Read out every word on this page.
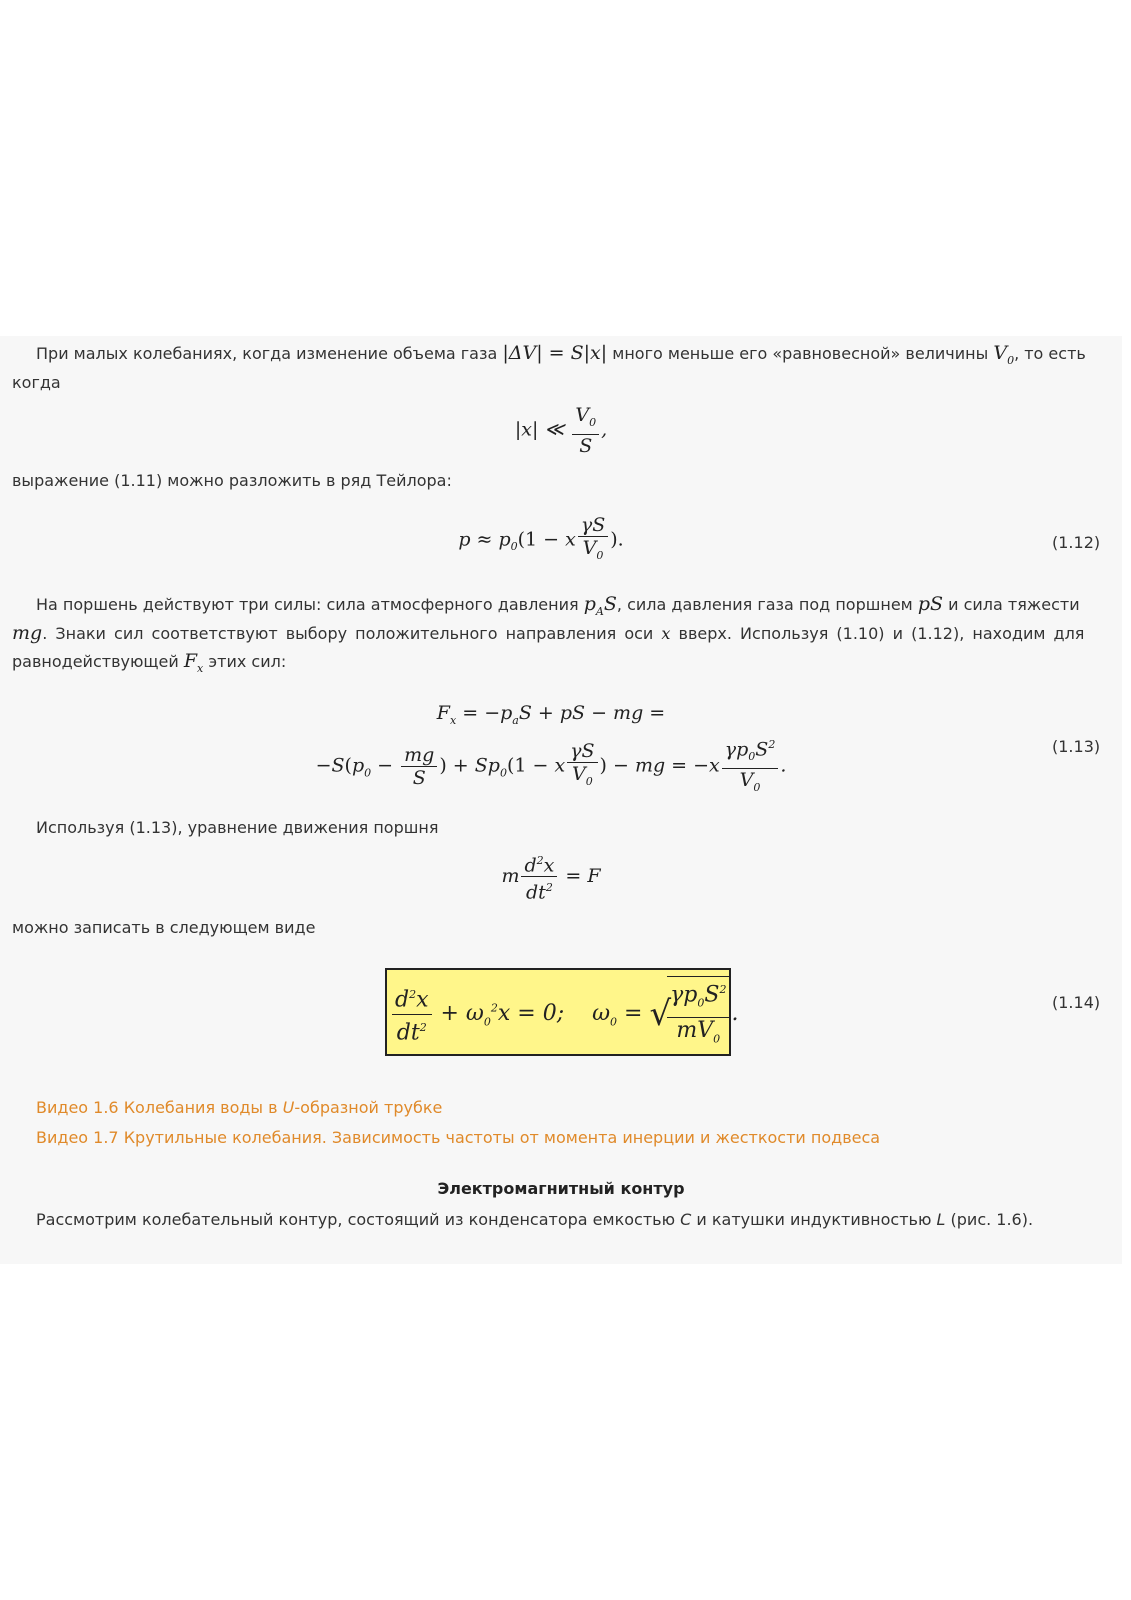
При малых колебаниях, когда изменение объема газа |ΔV| = S|x| много меньше его «равновесной» величины $V_0$, то есть
когда
|x| ≪ $\frac{V_0}{S}$ ,
выражение (1.11) можно разложить в ряд Тейлора:
$p \approx p_0(1 - x \frac{\gamma S}{V_0}$ ).	(1.12)
На поршень действуют три силы: сила атмосферного давления $p_AS$, сила давления газа под поршнем pS и сила тяжести
mg. Знаки сил соответствуют выбору положительного направления оси x вверх. Используя (1.10) и (1.12), находим для
равнодействующей $F_x$ этих сил:
$F_x = -p_aS$ + pS − mg =
$-S(p_0 - \frac{mg}{S}$ ) + $Sp_0(1 - x \frac{\gamma S}{V_0}$ ) − mg = $-x \frac{\gamma p_0S^2}{V_0}$ .
(1.13)
Используя (1.13), уравнение движения поршня
m $\frac{d^2x}{dt^2} = F$
можно записать в следующем виде
$\frac{d^2x}{dt^2} + \omega_0^2x = 0$;    $\omega_0$ = √
$\frac{\gamma p_0S^2}{mV_0}$	(1.14)
Видео 1.6 Колебания воды в U-образной трубке
Видео 1.7 Крутильные колебания. Зависимость частоты от момента инерции и жесткости подвеса
Электромагнитный контур
Рассмотрим колебательный контур, состоящий из конденсатора емкостью C и катушки индуктивностью L (рис. 1.6).
